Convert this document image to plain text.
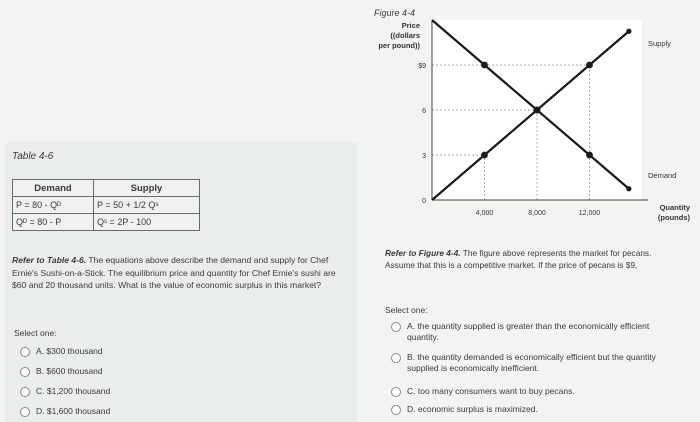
Table 4-6
Demand	Supply
P = 80 - Qᴰ	P = 50 + 1/2 Qˢ
Qᴰ = 80 - P	Qˢ = 2P - 100
Refer to Table 4-6. The equations above describe the demand and supply for Chef Ernie's Sushi-on-a-Stick. The equilibrium price and quantity for Chef Ernie's sushi are $60 and 20 thousand units. What is the value of economic surplus in this market?
Select one:
A. $300 thousand
B. $600 thousand
C. $1,200 thousand
D. $1,600 thousand
Figure 4-4
Price
((dollars
per pound))
$9
6
3
0
4,000	8,000	12,000
Quantity
(pounds)
Supply
Demand
Refer to Figure 4-4. The figure above represents the market for pecans. Assume that this is a competitive market. If the price of pecans is $9,
Select one:
A. the quantity supplied is greater than the economically efficient quantity.
B. the quantity demanded is economically efficient but the quantity supplied is economically inefficient.
C. too many consumers want to buy pecans.
D. economic surplus is maximized.
